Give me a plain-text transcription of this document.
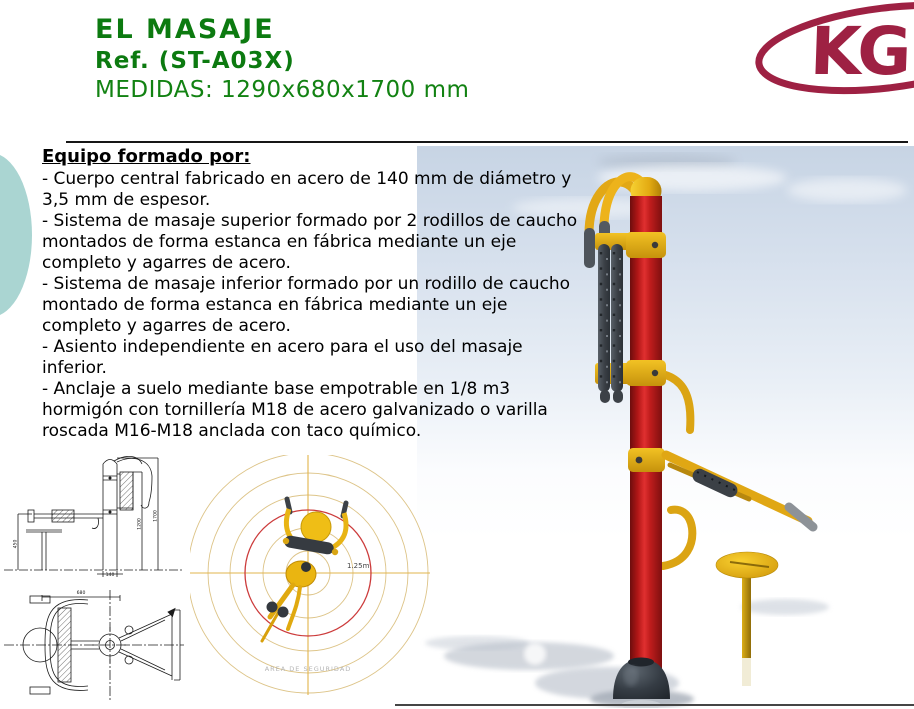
EL MASAJE
Ref. (ST-A03X)
MEDIDAS: 1290x680x1700 mm
KG
Equipo formado por:

- Cuerpo central fabricado en acero de 140 mm de diámetro y 3,5 mm de espesor.

- Sistema de masaje superior formado por 2 rodillos de caucho montados de forma estanca en fábrica mediante un eje completo y agarres de acero.

- Sistema de masaje inferior formado por un rodillo de caucho montado de forma estanca en fábrica mediante un eje completo y agarres de acero.

- Asiento independiente en acero para el uso del masaje inferior.

- Anclaje a suelo mediante base empotrable en 1/8 m3 hormigón con tornillería M18 de acero galvanizado o varilla roscada M16-M18 anclada con taco químico.

1200
1700
450
140
680
1.25m
AREA DE SEGURIDAD
